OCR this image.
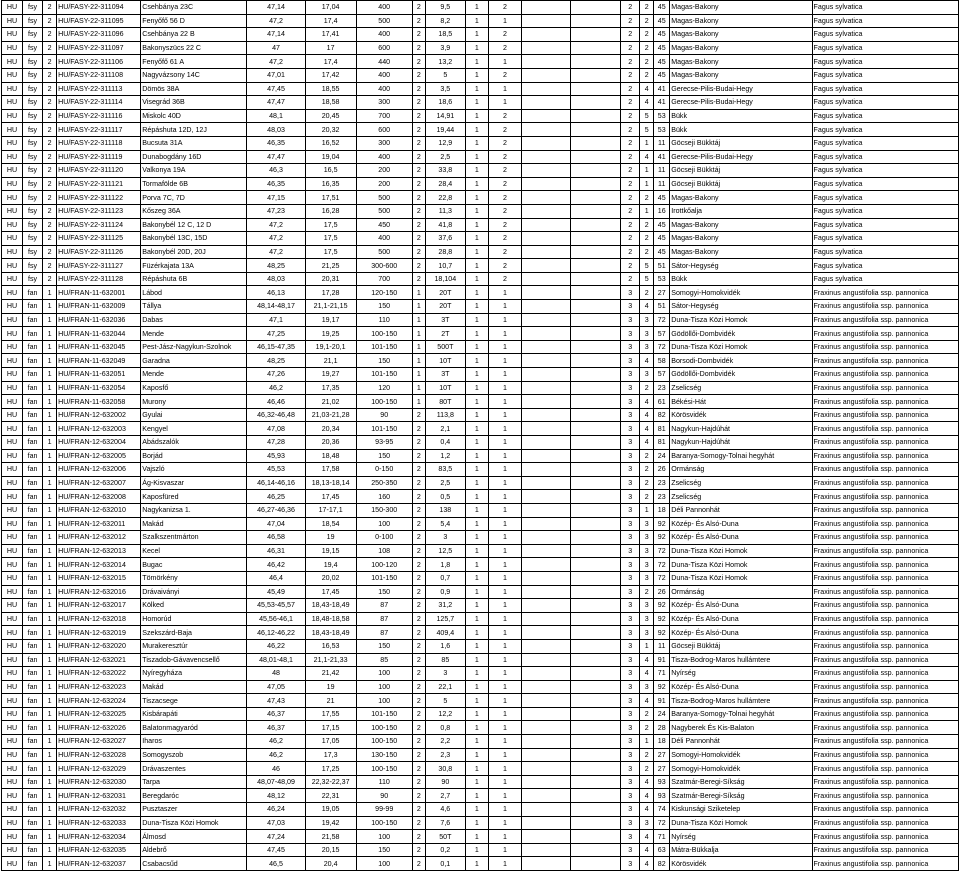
HU	fsy	2	HU/FASY-22-311094	Csehbánya 23C	47,14	17,04	400	2	9,5	1	2			2	2	45	Magas-Bakony	Fagus sylvatica
HU	fsy	2	HU/FASY-22-311095	Fenyőfő 56 D	47,2	17,4	500	2	8,2	1	1			2	2	45	Magas-Bakony	Fagus sylvatica
HU	fsy	2	HU/FASY-22-311096	Csehbánya 22 B	47,14	17,41	400	2	18,5	1	2			2	2	45	Magas-Bakony	Fagus sylvatica
HU	fsy	2	HU/FASY-22-311097	Bakonyszücs 22 C	47	17	600	2	3,9	1	2			2	2	45	Magas-Bakony	Fagus sylvatica
HU	fsy	2	HU/FASY-22-311106	Fenyőfő 61 A	47,2	17,4	440	2	13,2	1	1			2	2	45	Magas-Bakony	Fagus sylvatica
HU	fsy	2	HU/FASY-22-311108	Nagyvázsony 14C	47,01	17,42	400	2	5	1	2			2	2	45	Magas-Bakony	Fagus sylvatica
HU	fsy	2	HU/FASY-22-311113	Dömös 38A	47,45	18,55	400	2	3,5	1	1			2	4	41	Gerecse-Pilis-Budai-Hegy	Fagus sylvatica
HU	fsy	2	HU/FASY-22-311114	Visegrád 36B	47,47	18,58	300	2	18,6	1	1			2	4	41	Gerecse-Pilis-Budai-Hegy	Fagus sylvatica
HU	fsy	2	HU/FASY-22-311116	Miskolc 40D	48,1	20,45	700	2	14,91	1	2			2	5	53	Bükk	Fagus sylvatica
HU	fsy	2	HU/FASY-22-311117	Répáshuta 12D, 12J	48,03	20,32	600	2	19,44	1	2			2	5	53	Bükk	Fagus sylvatica
HU	fsy	2	HU/FASY-22-311118	Bucsuta 31A	46,35	16,52	300	2	12,9	1	2			2	1	11	Göcseji Bükktáj	Fagus sylvatica
HU	fsy	2	HU/FASY-22-311119	Dunabogdány 16D	47,47	19,04	400	2	2,5	1	2			2	4	41	Gerecse-Pilis-Budai-Hegy	Fagus sylvatica
HU	fsy	2	HU/FASY-22-311120	Valkonya 19A	46,3	16,5	200	2	33,8	1	2			2	1	11	Göcseji Bükktáj	Fagus sylvatica
HU	fsy	2	HU/FASY-22-311121	Tormafölde 6B	46,35	16,35	200	2	28,4	1	2			2	1	11	Göcseji Bükktáj	Fagus sylvatica
HU	fsy	2	HU/FASY-22-311122	Porva 7C, 7D	47,15	17,51	500	2	22,8	1	2			2	2	45	Magas-Bakony	Fagus sylvatica
HU	fsy	2	HU/FASY-22-311123	Kőszeg 36A	47,23	16,28	500	2	11,3	1	2			2	1	16	Irottkőalja	Fagus sylvatica
HU	fsy	2	HU/FASY-22-311124	Bakonybél 12 C, 12 D	47,2	17,5	450	2	41,8	1	2			2	2	45	Magas-Bakony	Fagus sylvatica
HU	fsy	2	HU/FASY-22-311125	Bakonybél 13C, 15D	47,2	17,5	400	2	37,6	1	2			2	2	45	Magas-Bakony	Fagus sylvatica
HU	fsy	2	HU/FASY-22-311126	Bakonybél 20D, 20J	47,2	17,5	500	2	28,8	1	2			2	2	45	Magas-Bakony	Fagus sylvatica
HU	fsy	2	HU/FASY-22-311127	Füzérkajata 13A	48,25	21,25	300-600	2	10,7	1	2			2	5	51	Sátor-Hegység	Fagus sylvatica
HU	fsy	2	HU/FASY-22-311128	Répáshuta 6B	48,03	20,31	700	2	18,104	1	2			2	5	53	Bükk	Fagus sylvatica
HU	fan	1	HU/FRAN-11-632001	Lábod	46,13	17,28	120-150	1	20T	1	1			3	2	27	Somogyi-Homokvidék	Fraxinus angustifolia ssp. pannonica
HU	fan	1	HU/FRAN-11-632009	Tállya	48,14-48,17	21,1-21,15	150	1	20T	1	1			3	4	51	Sátor-Hegység	Fraxinus angustifolia ssp. pannonica
HU	fan	1	HU/FRAN-11-632036	Dabas	47,1	19,17	110	1	3T	1	1			3	3	72	Duna-Tisza Közi Homok	Fraxinus angustifolia ssp. pannonica
HU	fan	1	HU/FRAN-11-632044	Mende	47,25	19,25	100-150	1	2T	1	1			3	3	57	Gödöllői-Dombvidék	Fraxinus angustifolia ssp. pannonica
HU	fan	1	HU/FRAN-11-632045	Pest-Jász-Nagykun-Szolnok	46,15-47,35	19,1-20,1	101-150	1	500T	1	1			3	3	72	Duna-Tisza Közi Homok	Fraxinus angustifolia ssp. pannonica
HU	fan	1	HU/FRAN-11-632049	Garadna	48,25	21,1	150	1	10T	1	1			3	4	58	Borsodi-Dombvidék	Fraxinus angustifolia ssp. pannonica
HU	fan	1	HU/FRAN-11-632051	Mende	47,26	19,27	101-150	1	3T	1	1			3	3	57	Gödöllői-Dombvidék	Fraxinus angustifolia ssp. pannonica
HU	fan	1	HU/FRAN-11-632054	Kaposfő	46,2	17,35	120	1	10T	1	1			3	2	23	Zselicség	Fraxinus angustifolia ssp. pannonica
HU	fan	1	HU/FRAN-11-632058	Murony	46,46	21,02	100-150	1	80T	1	1			3	4	61	Békési-Hát	Fraxinus angustifolia ssp. pannonica
HU	fan	1	HU/FRAN-12-632002	Gyulai	46,32-46,48	21,03-21,28	90	2	113,8	1	1			3	4	82	Körösvidék	Fraxinus angustifolia ssp. pannonica
HU	fan	1	HU/FRAN-12-632003	Kengyel	47,08	20,34	101-150	2	2,1	1	1			3	4	81	Nagykun-Hajdúhát	Fraxinus angustifolia ssp. pannonica
HU	fan	1	HU/FRAN-12-632004	Abádszalók	47,28	20,36	93-95	2	0,4	1	1			3	4	81	Nagykun-Hajdúhát	Fraxinus angustifolia ssp. pannonica
HU	fan	1	HU/FRAN-12-632005	Borjád	45,93	18,48	150	2	1,2	1	1			3	2	24	Baranya-Somogy-Tolnai hegyhát	Fraxinus angustifolia ssp. pannonica
HU	fan	1	HU/FRAN-12-632006	Vajszló	45,53	17,58	0-150	2	83,5	1	1			3	2	26	Ormánság	Fraxinus angustifolia ssp. pannonica
HU	fan	1	HU/FRAN-12-632007	Ág-Kisvaszar	46,14-46,16	18,13-18,14	250-350	2	2,5	1	1			3	2	23	Zselicség	Fraxinus angustifolia ssp. pannonica
HU	fan	1	HU/FRAN-12-632008	Kaposfüred	46,25	17,45	160	2	0,5	1	1			3	2	23	Zselicség	Fraxinus angustifolia ssp. pannonica
HU	fan	1	HU/FRAN-12-632010	Nagykanizsa 1.	46,27-46,36	17-17,1	150-300	2	138	1	1			3	1	18	Déli Pannonhát	Fraxinus angustifolia ssp. pannonica
HU	fan	1	HU/FRAN-12-632011	Makád	47,04	18,54	100	2	5,4	1	1			3	3	92	Közép- És Alsó-Duna	Fraxinus angustifolia ssp. pannonica
HU	fan	1	HU/FRAN-12-632012	Szalkszentmárton	46,58	19	0-100	2	3	1	1			3	3	92	Közép- És Alsó-Duna	Fraxinus angustifolia ssp. pannonica
HU	fan	1	HU/FRAN-12-632013	Kecel	46,31	19,15	108	2	12,5	1	1			3	3	72	Duna-Tisza Közi Homok	Fraxinus angustifolia ssp. pannonica
HU	fan	1	HU/FRAN-12-632014	Bugac	46,42	19,4	100-120	2	1,8	1	1			3	3	72	Duna-Tisza Közi Homok	Fraxinus angustifolia ssp. pannonica
HU	fan	1	HU/FRAN-12-632015	Tömörkény	46,4	20,02	101-150	2	0,7	1	1			3	3	72	Duna-Tisza Közi Homok	Fraxinus angustifolia ssp. pannonica
HU	fan	1	HU/FRAN-12-632016	Drávaiványi	45,49	17,45	150	2	0,9	1	1			3	2	26	Ormánság	Fraxinus angustifolia ssp. pannonica
HU	fan	1	HU/FRAN-12-632017	Kölked	45,53-45,57	18,43-18,49	87	2	31,2	1	1			3	3	92	Közép- És Alsó-Duna	Fraxinus angustifolia ssp. pannonica
HU	fan	1	HU/FRAN-12-632018	Homorúd	45,56-46,1	18,48-18,58	87	2	125,7	1	1			3	3	92	Közép- És Alsó-Duna	Fraxinus angustifolia ssp. pannonica
HU	fan	1	HU/FRAN-12-632019	Szekszárd-Baja	46,12-46,22	18,43-18,49	87	2	409,4	1	1			3	3	92	Közép- És Alsó-Duna	Fraxinus angustifolia ssp. pannonica
HU	fan	1	HU/FRAN-12-632020	Murakeresztúr	46,22	16,53	150	2	1,6	1	1			3	1	11	Göcseji Bükktáj	Fraxinus angustifolia ssp. pannonica
HU	fan	1	HU/FRAN-12-632021	Tiszadob-Gávavencsellő	48,01-48,1	21,1-21,33	85	2	85	1	1			3	4	91	Tisza-Bodrog-Maros hullámtere	Fraxinus angustifolia ssp. pannonica
HU	fan	1	HU/FRAN-12-632022	Nyíregyháza	48	21,42	100	2	3	1	1			3	4	71	Nyírség	Fraxinus angustifolia ssp. pannonica
HU	fan	1	HU/FRAN-12-632023	Makád	47,05	19	100	2	22,1	1	1			3	3	92	Közép- És Alsó-Duna	Fraxinus angustifolia ssp. pannonica
HU	fan	1	HU/FRAN-12-632024	Tiszacsege	47,43	21	100	2	5	1	1			3	4	91	Tisza-Bodrog-Maros hullámtere	Fraxinus angustifolia ssp. pannonica
HU	fan	1	HU/FRAN-12-632025	Kisbárapáti	46,37	17,55	101-150	2	12,2	1	1			3	2	24	Baranya-Somogy-Tolnai hegyhát	Fraxinus angustifolia ssp. pannonica
HU	fan	1	HU/FRAN-12-632026	Balatonmagyaród	46,37	17,15	100-150	2	0,8	1	1			3	2	28	Nagyberek És Kis-Balaton	Fraxinus angustifolia ssp. pannonica
HU	fan	1	HU/FRAN-12-632027	Iharos	46,2	17,05	100-150	2	2,2	1	1			3	1	18	Déli Pannonhát	Fraxinus angustifolia ssp. pannonica
HU	fan	1	HU/FRAN-12-632028	Somogyszob	46,2	17,3	130-150	2	2,3	1	1			3	2	27	Somogyi-Homokvidék	Fraxinus angustifolia ssp. pannonica
HU	fan	1	HU/FRAN-12-632029	Drávaszentes	46	17,25	100-150	2	30,8	1	1			3	2	27	Somogyi-Homokvidék	Fraxinus angustifolia ssp. pannonica
HU	fan	1	HU/FRAN-12-632030	Tarpa	48,07-48,09	22,32-22,37	110	2	90	1	1			3	4	93	Szatmár-Beregi-Síkság	Fraxinus angustifolia ssp. pannonica
HU	fan	1	HU/FRAN-12-632031	Beregdaróc	48,12	22,31	90	2	2,7	1	1			3	4	93	Szatmár-Beregi-Síkság	Fraxinus angustifolia ssp. pannonica
HU	fan	1	HU/FRAN-12-632032	Pusztaszer	46,24	19,05	99-99	2	4,6	1	1			3	4	74	Kiskunsági Sziketelep	Fraxinus angustifolia ssp. pannonica
HU	fan	1	HU/FRAN-12-632033	Duna-Tisza Közi Homok	47,03	19,42	100-150	2	7,6	1	1			3	3	72	Duna-Tisza Közi Homok	Fraxinus angustifolia ssp. pannonica
HU	fan	1	HU/FRAN-12-632034	Álmosd	47,24	21,58	100	2	50T	1	1			3	4	71	Nyírség	Fraxinus angustifolia ssp. pannonica
HU	fan	1	HU/FRAN-12-632035	Aldebrő	47,45	20,15	150	2	0,2	1	1			3	4	63	Mátra-Bükkalja	Fraxinus angustifolia ssp. pannonica
HU	fan	1	HU/FRAN-12-632037	Csabacsűd	46,5	20,4	100	2	0,1	1	1			3	4	82	Körösvidék	Fraxinus angustifolia ssp. pannonica
